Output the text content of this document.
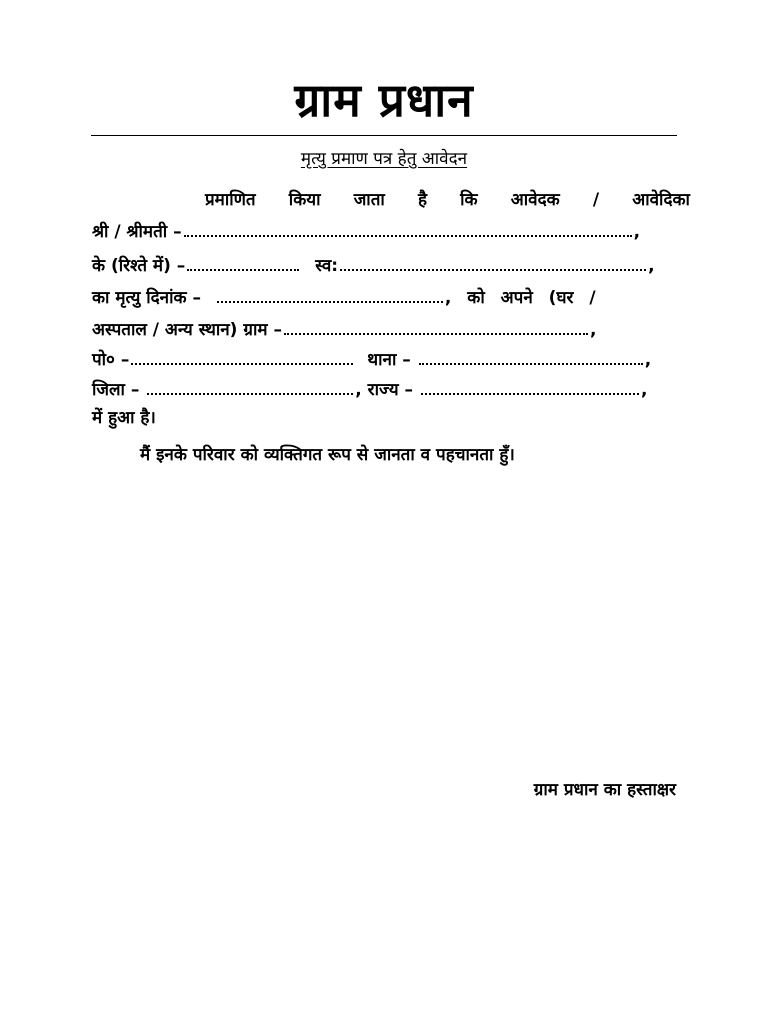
ग्राम प्रधान
मृत्यु प्रमाण पत्र हेतु आवेदन
प्रमाणित किया जाता है कि आवेदक / आवेदिका
श्री / श्रीमती –	,
के (रिश्ते में) –	स्व:	,
का मृत्यु दिनांक –	, को अपने (घर /
अस्पताल / अन्य स्थान) ग्राम –	,
पो० –	थाना –	,
जिला –	, राज्य –	,
में हुआ है।
मैं इनके परिवार को व्यक्तिगत रूप से जानता व पहचानता हुँ।
ग्राम प्रधान का हस्ताक्षर
